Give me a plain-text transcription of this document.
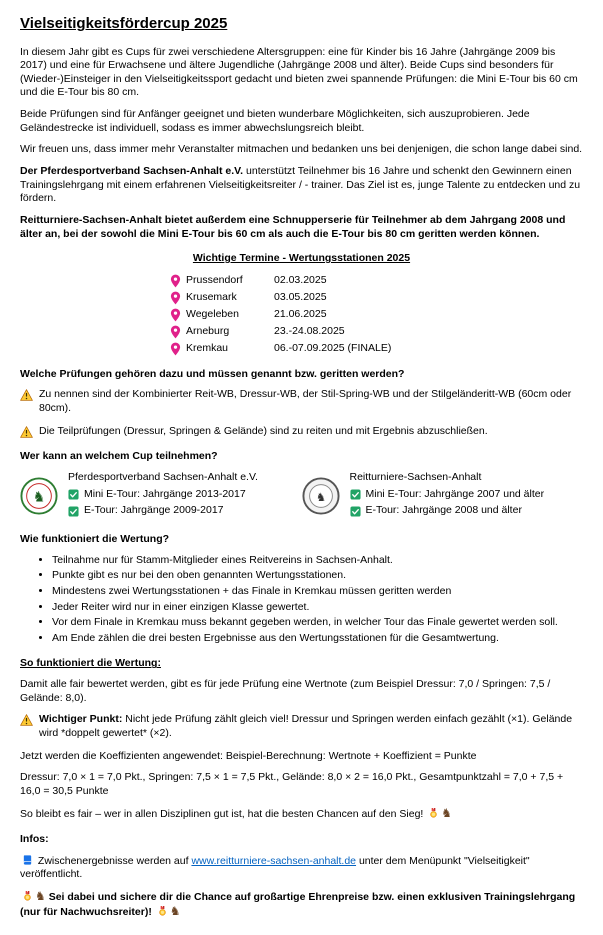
Vielseitigkeitsfördercup 2025

In diesem Jahr gibt es Cups für zwei verschiedene Altersgruppen: eine für Kinder bis 16 Jahre (Jahrgänge 2009 bis 2017) und eine für Erwachsene und ältere Jugendliche (Jahrgänge 2008 und älter). Beide Cups sind besonders für (Wieder-)Einsteiger in den Vielseitigkeitssport gedacht und bieten zwei spannende Prüfungen: die Mini E-Tour bis 60 cm und die E-Tour bis 80 cm.

Beide Prüfungen sind für Anfänger geeignet und bieten wunderbare Möglichkeiten, sich auszuprobieren. Jede Geländestrecke ist individuell, sodass es immer abwechslungsreich bleibt.

Wir freuen uns, dass immer mehr Veranstalter mitmachen und bedanken uns bei denjenigen, die schon lange dabei sind.

Der Pferdesportverband Sachsen-Anhalt e.V. unterstützt Teilnehmer bis 16 Jahre und schenkt den Gewinnern einen Trainingslehrgang mit einem erfahrenen Vielseitigkeitsreiter / - trainer. Das Ziel ist es, junge Talente zu entdecken und zu fördern.

Reitturniere-Sachsen-Anhalt bietet außerdem eine Schnupperserie für Teilnehmer ab dem Jahrgang 2008 und älter an, bei der sowohl die Mini E-Tour bis 60 cm als auch die E-Tour bis 80 cm geritten werden können.

Wichtige Termine - Wertungsstationen 2025
Prussendorf	02.03.2025
Krusemark	03.05.2025
Wegeleben	21.06.2025
Arneburg	23.-24.08.2025
Kremkau	06.-07.09.2025 (FINALE)
Welche Prüfungen gehören dazu und müssen genannt bzw. geritten werden?
Zu nennen sind der Kombinierter Reit-WB, Dressur-WB, der Stil-Spring-WB und der Stilgeländeritt-WB (60cm oder 80cm).
Die Teilprüfungen (Dressur, Springen & Gelände) sind zu reiten und mit Ergebnis abzuschließen.
Wer kann an welchem Cup teilnehmen?
♞
Pferdesportverband Sachsen-Anhalt e.V.
Mini E-Tour: Jahrgänge 2013-2017
E-Tour: Jahrgänge 2009-2017
♞
Reitturniere-Sachsen-Anhalt
Mini E-Tour: Jahrgänge 2007 und älter
E-Tour: Jahrgänge 2008 und älter
Wie funktioniert die Wertung?
• Teilnahme nur für Stamm-Mitglieder eines Reitvereins in Sachsen-Anhalt.
• Punkte gibt es nur bei den oben genannten Wertungsstationen.
• Mindestens zwei Wertungsstationen + das Finale in Kremkau müssen geritten werden
• Jeder Reiter wird nur in einer einzigen Klasse gewertet.
• Vor dem Finale in Kremkau muss bekannt gegeben werden, in welcher Tour das Finale gewertet werden soll.
• Am Ende zählen die drei besten Ergebnisse aus den Wertungsstationen für die Gesamtwertung.
So funktioniert die Wertung:

Damit alle fair bewertet werden, gibt es für jede Prüfung eine Wertnote (zum Beispiel Dressur: 7,0 / Springen: 7,5 / Gelände: 8,0).

Wichtiger Punkt: Nicht jede Prüfung zählt gleich viel! Dressur und Springen werden einfach gezählt (×1). Gelände wird *doppelt gewertet* (×2).

Jetzt werden die Koeffizienten angewendet: Beispiel-Berechnung: Wertnote + Koeffizient = Punkte

Dressur: 7,0 × 1 = 7,0 Pkt., Springen: 7,5 × 1 = 7,5 Pkt., Gelände: 8,0 × 2 = 16,0 Pkt., Gesamtpunktzahl = 7,0 + 7,5 + 16,0 = 30,5 Punkte

So bleibt es fair – wer in allen Disziplinen gut ist, hat die besten Chancen auf den Sieg! ♞

Infos:

Zwischenergebnisse werden auf www.reitturniere-sachsen-anhalt.de unter dem Menüpunkt "Vielseitigkeit" veröffentlicht.

♞ Sei dabei und sichere dir die Chance auf großartige Ehrenpreise bzw. einen exklusiven Trainingslehrgang (nur für Nachwuchsreiter)! ♞
